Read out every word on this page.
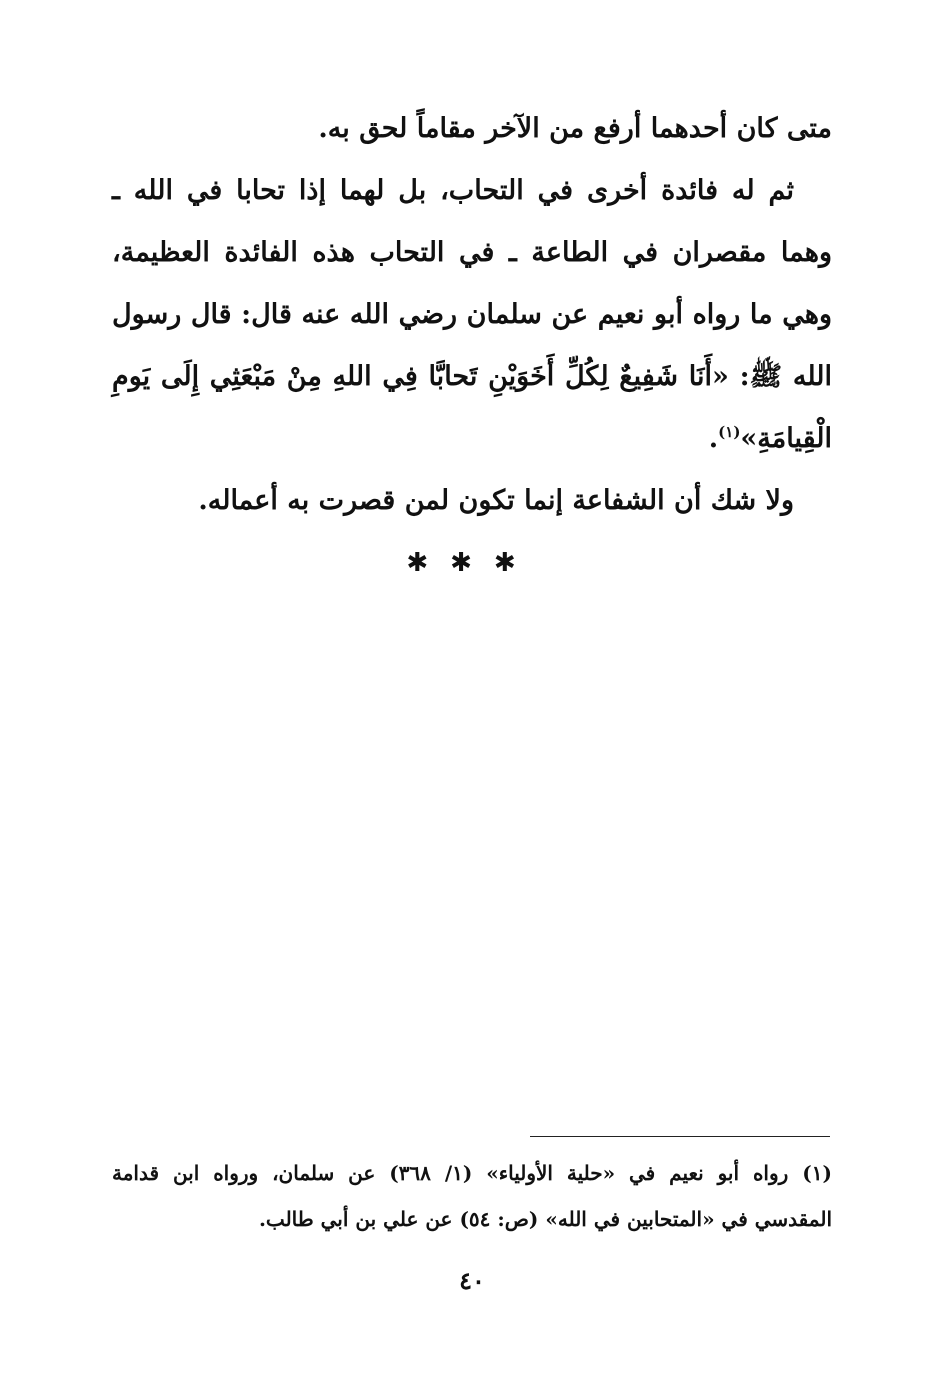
متى كان أحدهما أرفع من الآخر مقاماً لحق به.

ثم له فائدة أخرى في التحاب، بل لهما إذا تحابا في الله ـ وهما مقصران في الطاعة ـ في التحاب هذه الفائدة العظيمة، وهي ما رواه أبو نعيم عن سلمان رضي الله عنه قال: قال رسول الله ﷺ: «أَنَا شَفِيعٌ لِكُلِّ أَخَوَيْنِ تَحابَّا فِي اللهِ مِنْ مَبْعَثِي إِلَى يَومِ الْقِيامَةِ»$^{(١)}$.

ولا شك أن الشفاعة إنما تكون لمن قصرت به أعماله.

✱✱✱
(١)رواه أبو نعيم في «حلية الأولياء» (١/ ٣٦٨) عن سلمان، ورواه ابن قدامة المقدسي في «المتحابين في الله» (ص: ٥٤) عن علي بن أبي طالب.
٤٠
